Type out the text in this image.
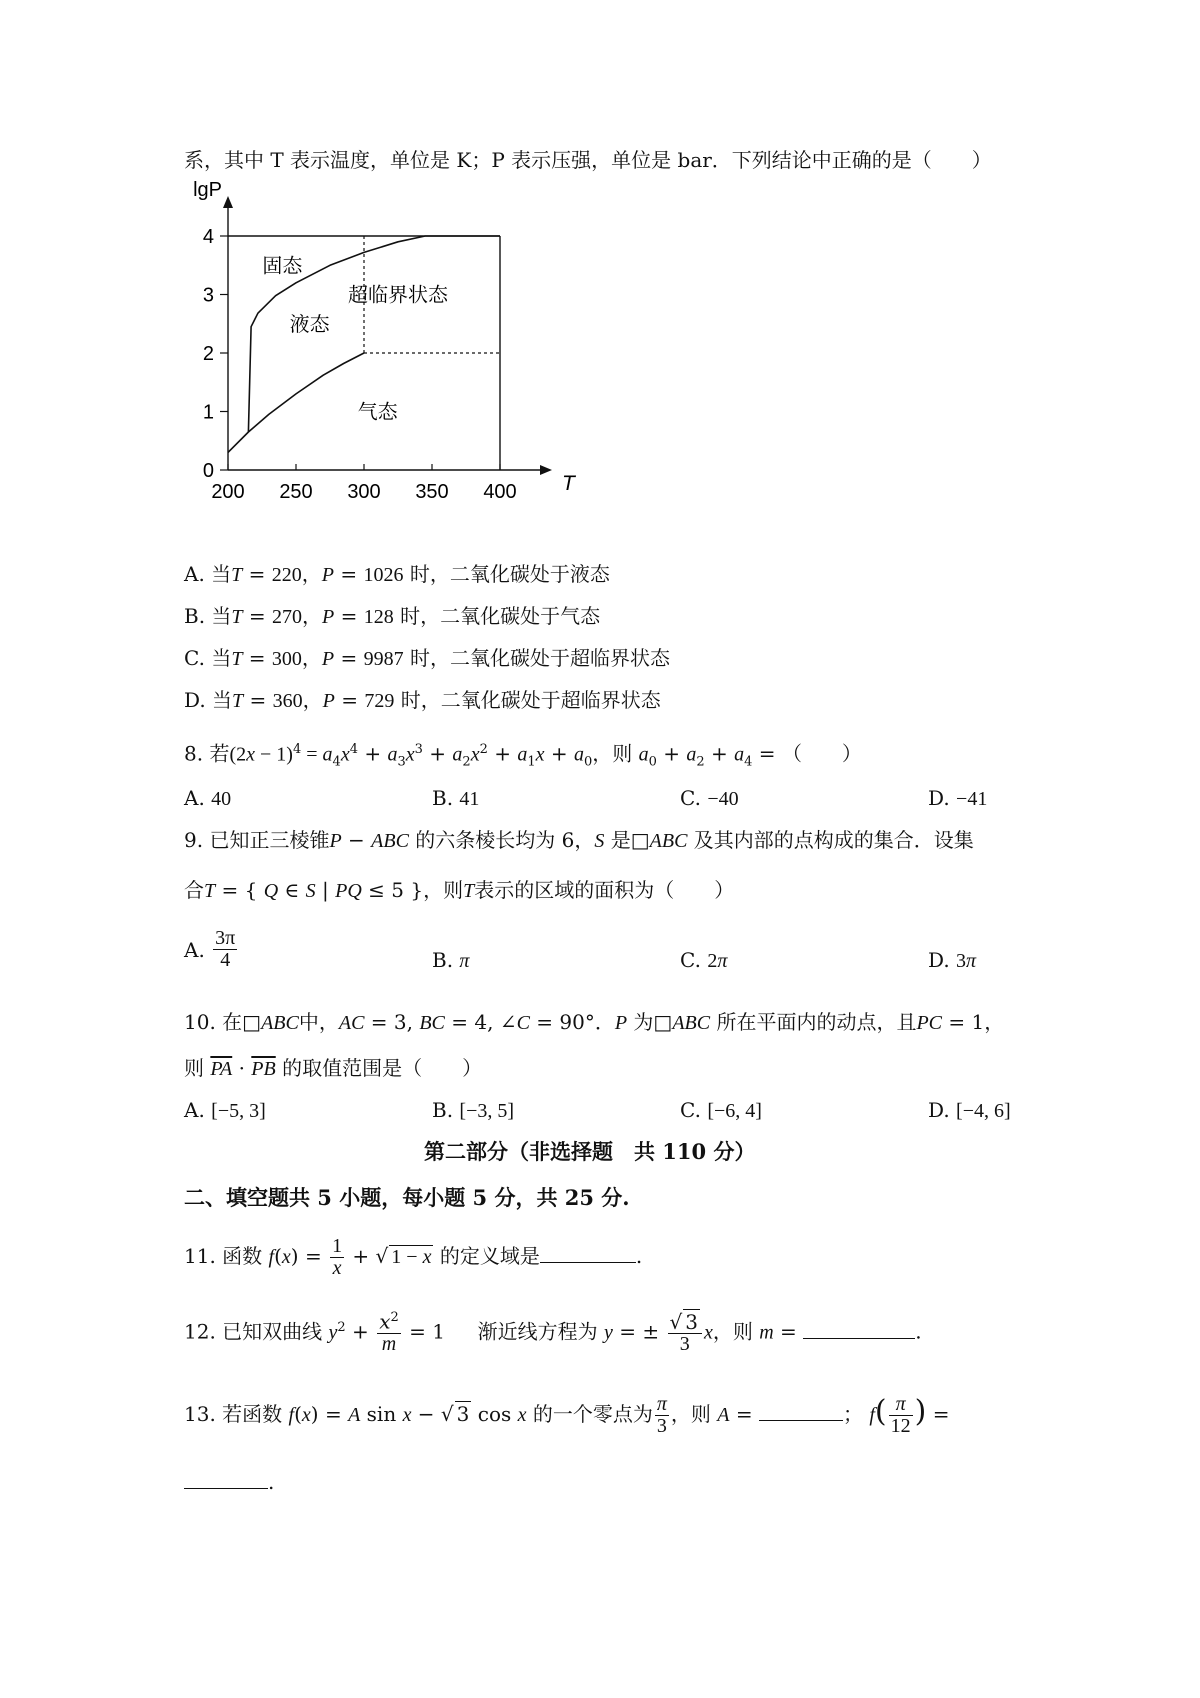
系，其中 T 表示温度，单位是 K；P 表示压强，单位是 bar．下列结论中正确的是（　　）
200 250 300 350 400
0
1
2
3
4
lgP
T
固态
液态
超临界状态
气态
A. 当T = 220，P = 1026 时，二氧化碳处于液态
B. 当T = 270，P = 128 时，二氧化碳处于气态
C. 当T = 300，P = 9987 时，二氧化碳处于超临界状态
D. 当T = 360，P = 729 时，二氧化碳处于超临界状态
8. 若$(2x - 1)^4 = a_4x^4 + a_3x^3 + a_2x^2 + a_1x + a_0$，则 $a_0 + a_2 + a_4$ = （　　）
A. 40	B. 41	C. −40	D. −41
9. 已知正三棱锥P − ABC 的六条棱长均为 6，S 是□ABC 及其内部的点构成的集合．设集
合T = { Q ∈ S | PQ ≤ 5 }，则T表示的区域的面积为（　　）
A. $\frac{3\pi}{4}$	B. π	C. 2π	D. 3π
10. 在□ABC中，AC = 3, BC = 4, ∠C = 90°．P 为□ABC 所在平面内的动点，且PC = 1，
则 $\overline{PA} \cdot \overline{PB}$ 的取值范围是（　　）
A. [−5, 3]	B. [−3, 5]	C. [−6, 4]	D. [−4, 6]
第二部分（非选择题　共 110 分）
二、填空题共 5 小题，每小题 5 分，共 25 分.
11. 函数 $f(x) = \frac{1}{x}$ + √ 1 − x 的定义域是	.
12. 已知双曲线 $y^2 + \frac{x^2}{m} = 1$ 　 渐近线方程为 y = ± $\frac{√ 3}{3}$ x，则 m =	.
13. 若函数 f(x) = A sin x − √ 3 cos x 的一个零点为 $\frac{\pi}{3}$ ，则 A =	； $f( \frac{\pi}{12}$ ) =
.
